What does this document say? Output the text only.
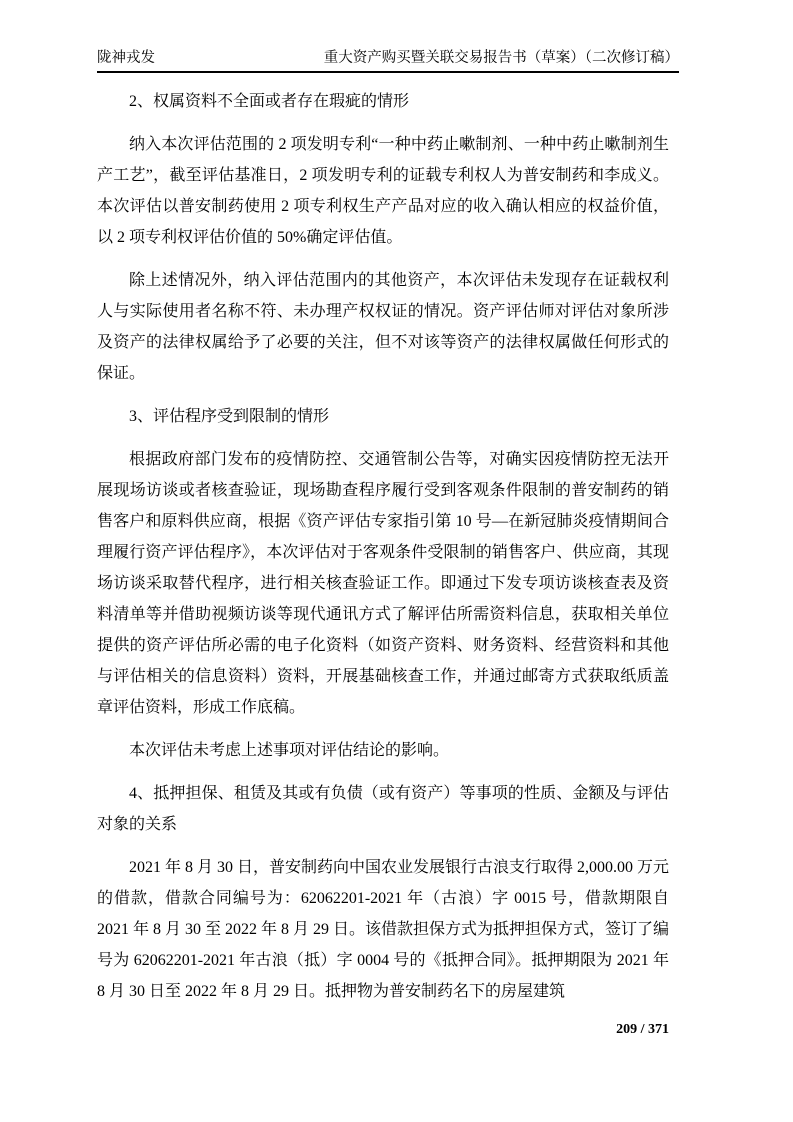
陇神戎发	重大资产购买暨关联交易报告书（草案）（二次修订稿）

2、权属资料不全面或者存在瑕疵的情形

纳入本次评估范围的 2 项发明专利“一种中药止嗽制剂、一种中药止嗽制剂生产工艺”，截至评估基准日，2 项发明专利的证载专利权人为普安制药和李成义。本次评估以普安制药使用 2 项专利权生产产品对应的收入确认相应的权益价值，以 2 项专利权评估价值的 50%确定评估值。

除上述情况外，纳入评估范围内的其他资产，本次评估未发现存在证载权利人与实际使用者名称不符、未办理产权权证的情况。资产评估师对评估对象所涉及资产的法律权属给予了必要的关注，但不对该等资产的法律权属做任何形式的保证。

3、评估程序受到限制的情形

根据政府部门发布的疫情防控、交通管制公告等，对确实因疫情防控无法开展现场访谈或者核查验证，现场勘查程序履行受到客观条件限制的普安制药的销售客户和原料供应商，根据《资产评估专家指引第 10 号—在新冠肺炎疫情期间合理履行资产评估程序》，本次评估对于客观条件受限制的销售客户、供应商，其现场访谈采取替代程序，进行相关核查验证工作。即通过下发专项访谈核查表及资料清单等并借助视频访谈等现代通讯方式了解评估所需资料信息，获取相关单位提供的资产评估所必需的电子化资料（如资产资料、财务资料、经营资料和其他与评估相关的信息资料）资料，开展基础核查工作，并通过邮寄方式获取纸质盖章评估资料，形成工作底稿。

本次评估未考虑上述事项对评估结论的影响。

4、抵押担保、租赁及其或有负债（或有资产）等事项的性质、金额及与评估对象的关系

2021 年 8 月 30 日，普安制药向中国农业发展银行古浪支行取得 2,000.00 万元的借款，借款合同编号为：62062201-2021 年（古浪）字 0015 号，借款期限自 2021 年 8 月 30 至 2022 年 8 月 29 日。该借款担保方式为抵押担保方式，签订了编号为 62062201-2021 年古浪（抵）字 0004 号的《抵押合同》。抵押期限为 2021 年 8 月 30 日至 2022 年 8 月 29 日。抵押物为普安制药名下的房屋建筑

209 / 371
